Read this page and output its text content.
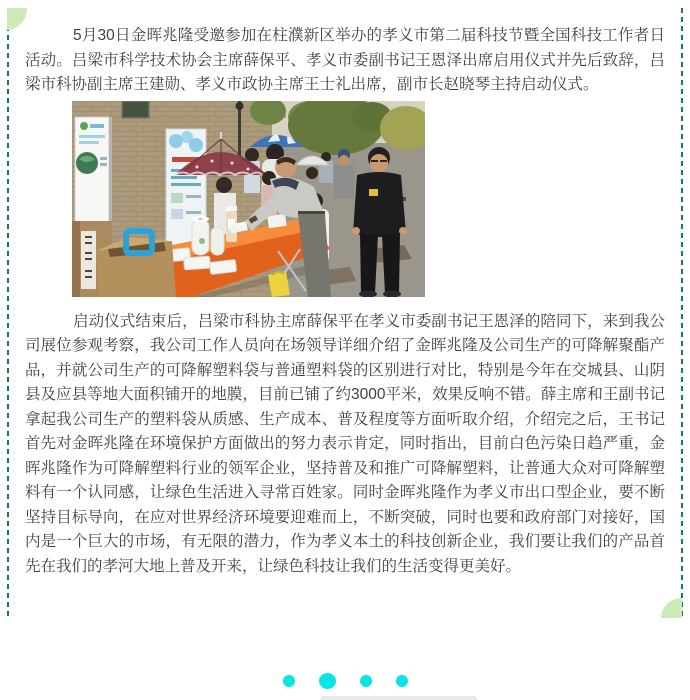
5月30日金晖兆隆受邀参加在柱濮新区举办的孝义市第二届科技节暨全国科技工作者日活动。吕梁市科学技术协会主席薛保平、孝义市委副书记王恩泽出席启用仪式并先后致辞，吕梁市科协副主席王建勋、孝义市政协主席王士礼出席，副市长赵晓琴主持启动仪式。

启动仪式结束后，吕梁市科协主席薛保平在孝义市委副书记王恩泽的陪同下，来到我公司展位参观考察，我公司工作人员向在场领导详细介绍了金晖兆隆及公司生产的可降解聚酯产品，并就公司生产的可降解塑料袋与普通塑料袋的区别进行对比，特别是今年在交城县、山阴县及应县等地大面积铺开的地膜，目前已铺了约3000平米，效果反响不错。薛主席和王副书记拿起我公司生产的塑料袋从质感、生产成本、普及程度等方面听取介绍，介绍完之后，王书记首先对金晖兆隆在环境保护方面做出的努力表示肯定，同时指出，目前白色污染日趋严重，金晖兆隆作为可降解塑料行业的领军企业，坚持普及和推广可降解塑料，让普通大众对可降解塑料有一个认同感，让绿色生活进入寻常百姓家。同时金晖兆隆作为孝义市出口型企业，要不断坚持目标导向，在应对世界经济环境要迎难而上，不断突破，同时也要和政府部门对接好，国内是一个巨大的市场，有无限的潜力，作为孝义本土的科技创新企业，我们要让我们的产品首先在我们的孝河大地上普及开来，让绿色科技让我们的生活变得更美好。
